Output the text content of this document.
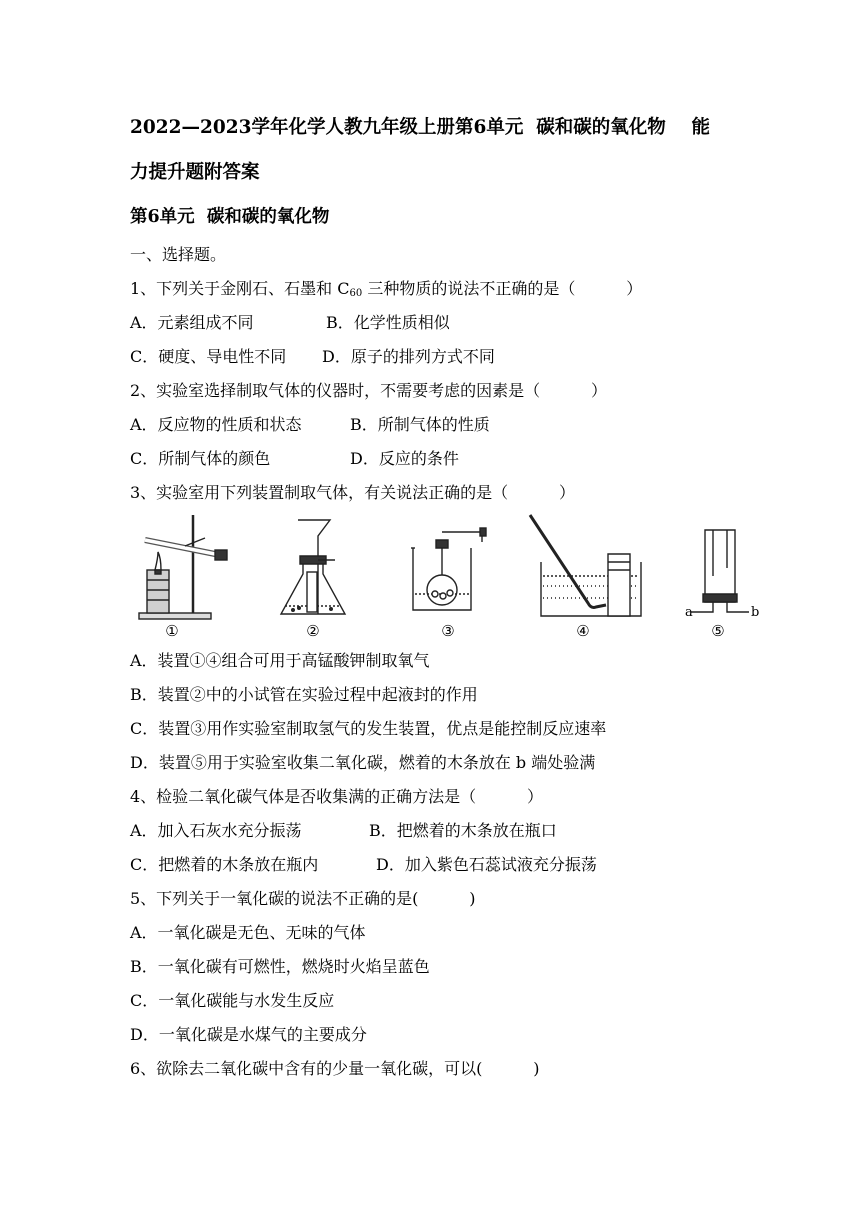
2022—2023学年化学人教九年级上册第6单元  碳和碳的氧化物    能
力提升题附答案
第6单元  碳和碳的氧化物
一、选择题。
1、下列关于金刚石、石墨和 $C_{60}$ 三种物质的说法不正确的是（          ）
A．元素组成不同	B．化学性质相似
C．硬度、导电性不同 D．原子的排列方式不同
2、实验室选择制取气体的仪器时，不需要考虑的因素是（          ）
A．反应物的性质和状态	B．所制气体的性质
C．所制气体的颜色	D．反应的条件
3、实验室用下列装置制取气体，有关说法正确的是（          ）
①	②	③	④	⑤
a	b
A．装置①④组合可用于高锰酸钾制取氧气
B．装置②中的小试管在实验过程中起液封的作用
C．装置③用作实验室制取氢气的发生装置，优点是能控制反应速率
D．装置⑤用于实验室收集二氧化碳，燃着的木条放在 b 端处验满
4、检验二氧化碳气体是否收集满的正确方法是（          ）
A．加入石灰水充分振荡	B．把燃着的木条放在瓶口
C．把燃着的木条放在瓶内	D．加入紫色石蕊试液充分振荡
5、下列关于一氧化碳的说法不正确的是(          )
A．一氧化碳是无色、无味的气体
B．一氧化碳有可燃性，燃烧时火焰呈蓝色
C．一氧化碳能与水发生反应
D．一氧化碳是水煤气的主要成分
6、欲除去二氧化碳中含有的少量一氧化碳，可以(          )
